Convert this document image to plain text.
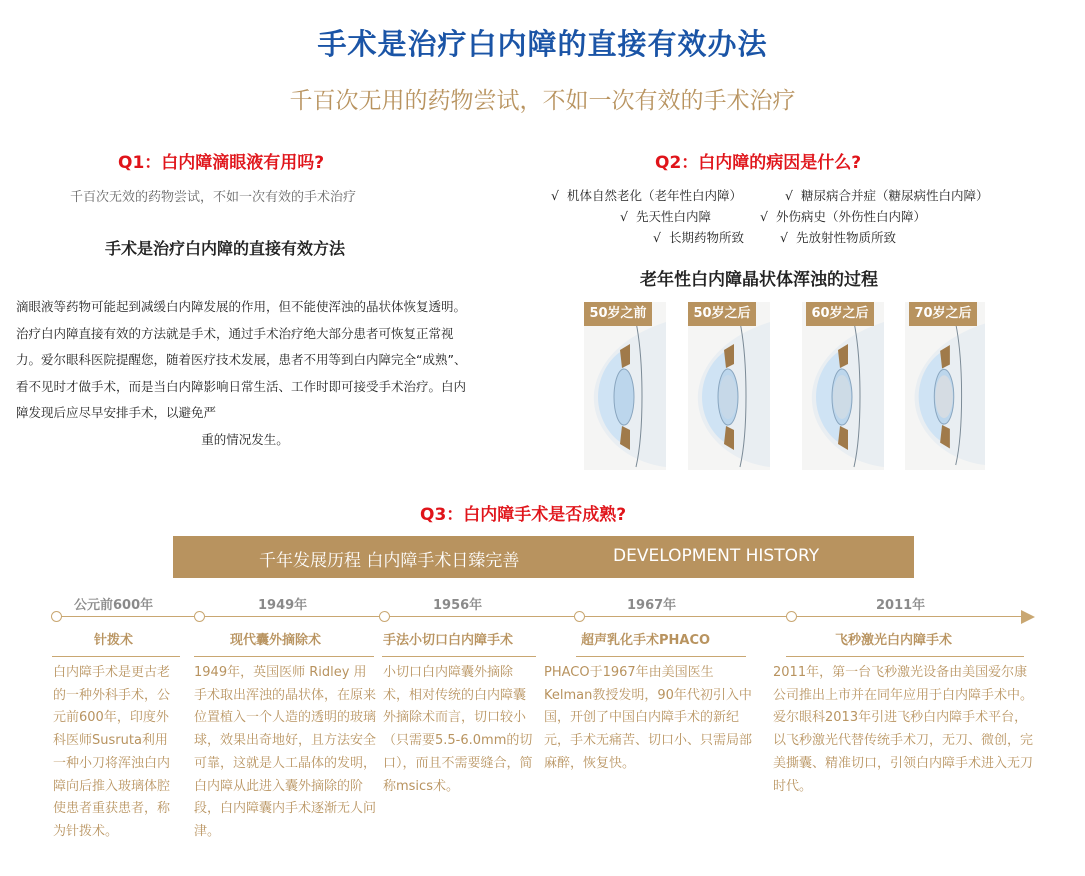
手术是治疗白内障的直接有效办法
千百次无用的药物尝试，不如一次有效的手术治疗
Q1：白内障滴眼液有用吗?
千百次无效的药物尝试，不如一次有效的手术治疗
手术是治疗白内障的直接有效方法
滴眼液等药物可能起到减缓白内障发展的作用，但不能使浑浊的晶状体恢复透明。治疗白内障直接有效的方法就是手术，通过手术治疗绝大部分患者可恢复正常视力。爱尔眼科医院提醒您，随着医疗技术发展，患者不用等到白内障完全“成熟”、看不见时才做手术，而是当白内障影响日常生活、工作时即可接受手术治疗。白内障发现后应尽早安排手术，以避免严
重的情况发生。
Q2：白内障的病因是什么?
√ 机体自然老化（老年性白内障）	√ 糖尿病合并症（糖尿病性白内障）
√ 先天性白内障	√ 外伤病史（外伤性白内障）
√ 长期药物所致	√ 先放射性物质所致
老年性白内障晶状体浑浊的过程
50岁之前	50岁之后	60岁之后	70岁之后
Q3：白内障手术是否成熟?
千年发展历程 白内障手术日臻完善	DEVELOPMENT HISTORY
公元前600年
针拨术
白内障手术是更古老的一种外科手术，公元前600年，印度外科医师Susruta利用一种小刀将浑浊白内障向后推入玻璃体腔使患者重获患者，称为针拨术。
1949年
现代囊外摘除术
1949年，英国医师 Ridley 用手术取出浑浊的晶状体，在原来位置植入一个人造的透明的玻璃球，效果出奇地好，且方法安全可靠，这就是人工晶体的发明，白内障从此进入囊外摘除的阶段，白内障囊内手术逐渐无人问津。
1956年
手法小切口白内障手术
小切口白内障囊外摘除术，相对传统的白内障囊外摘除术而言，切口较小（只需要5.5-6.0mm的切口），而且不需要缝合，简称msics术。
1967年
超声乳化手术PHACO
PHACO于1967年由美国医生Kelman教授发明，90年代初引入中国，开创了中国白内障手术的新纪元，手术无痛苦、切口小、只需局部麻醉，恢复快。
2011年
飞秒激光白内障手术
2011年，第一台飞秒激光设备由美国爱尔康公司推出上市并在同年应用于白内障手术中。爱尔眼科2013年引进飞秒白内障手术平台，以飞秒激光代替传统手术刀，无刀、微创，完美撕囊、精准切口，引领白内障手术进入无刀时代。
